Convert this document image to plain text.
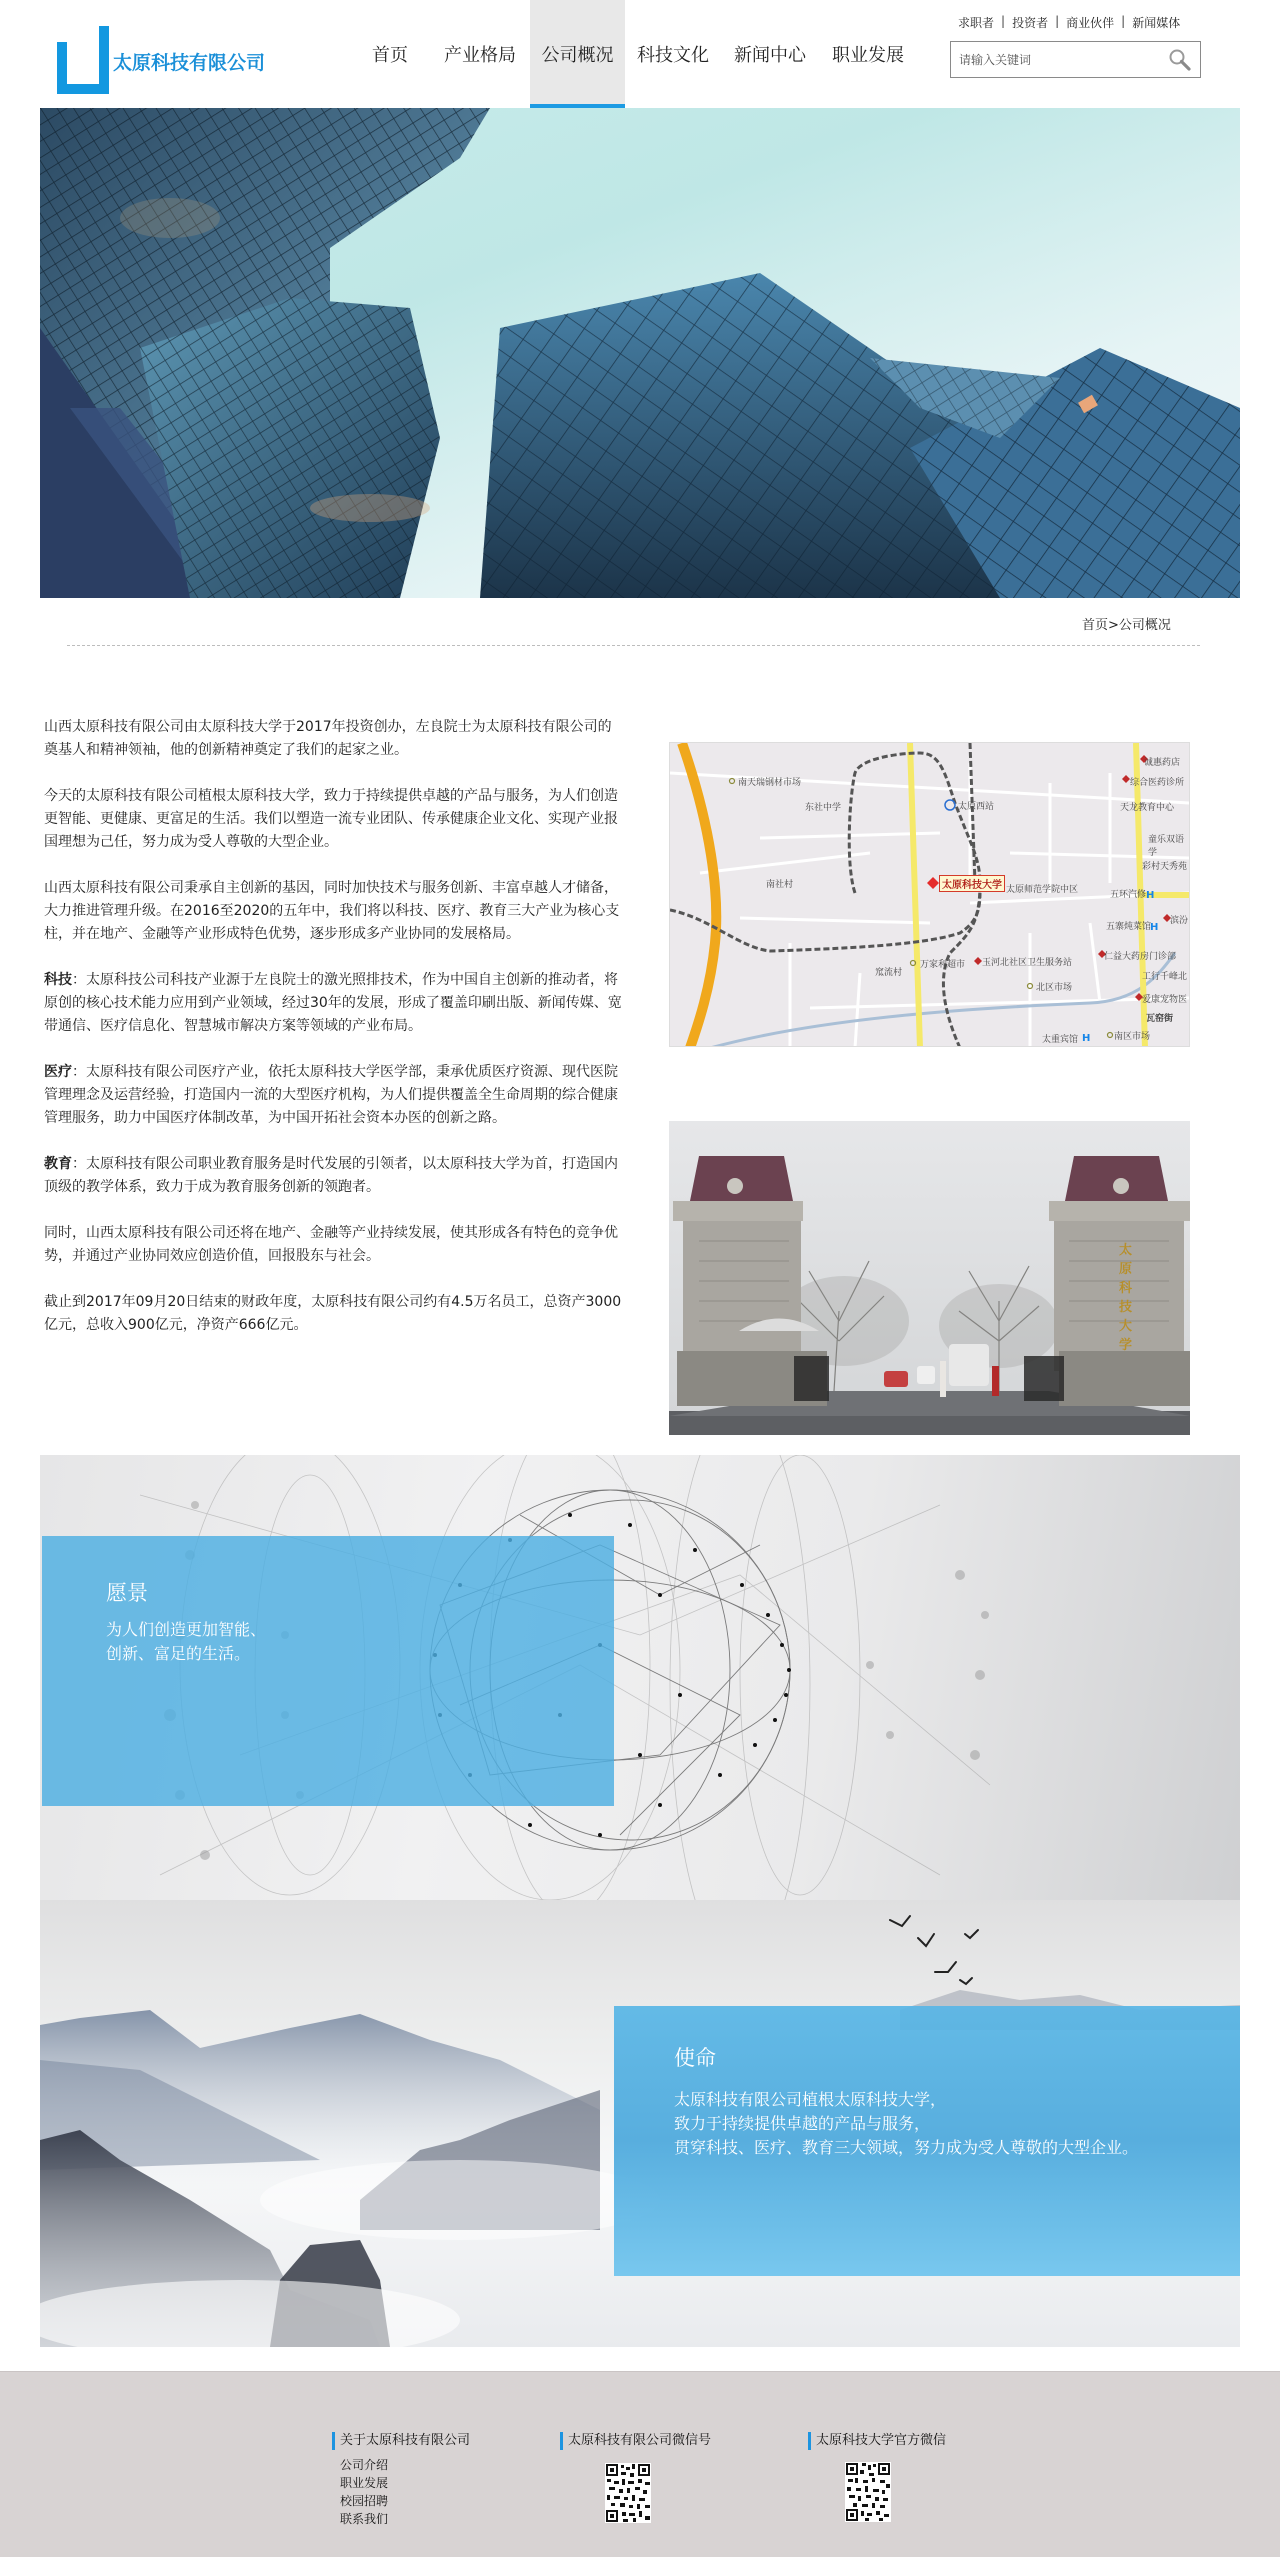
太原科技有限公司	首页	产业格局	公司概况	科技文化	新闻中心	职业发展
求职者 | 投资者 | 商业伙伴 | 新闻媒体
请输入关键词
首页>公司概况

山西太原科技有限公司由太原科技大学于2017年投资创办，左良院士为太原科技有限公司的奠基人和精神领袖，他的创新精神奠定了我们的起家之业。

今天的太原科技有限公司植根太原科技大学，致力于持续提供卓越的产品与服务，为人们创造更智能、更健康、更富足的生活。我们以塑造一流专业团队、传承健康企业文化、实现产业报国理想为己任，努力成为受人尊敬的大型企业。

山西太原科技有限公司秉承自主创新的基因，同时加快技术与服务创新、丰富卓越人才储备，大力推进管理升级。在2016至2020的五年中，我们将以科技、医疗、教育三大产业为核心支柱，并在地产、金融等产业形成特色优势，逐步形成多产业协同的发展格局。

科技：太原科技公司科技产业源于左良院士的激光照排技术，作为中国自主创新的推动者，将原创的核心技术能力应用到产业领域，经过30年的发展，形成了覆盖印刷出版、新闻传媒、宽带通信、医疗信息化、智慧城市解决方案等领域的产业布局。

医疗：太原科技有限公司医疗产业，依托太原科技大学医学部，秉承优质医疗资源、现代医院管理理念及运营经验，打造国内一流的大型医疗机构，为人们提供覆盖全生命周期的综合健康管理服务，助力中国医疗体制改革，为中国开拓社会资本办医的创新之路。

教育：太原科技有限公司职业教育服务是时代发展的引领者，以太原科技大学为首，打造国内顶级的教学体系，致力于成为教育服务创新的领跑者。

同时，山西太原科技有限公司还将在地产、金融等产业持续发展，使其形成各有特色的竞争优势，并通过产业协同效应创造价值，回报股东与社会。

截止到2017年09月20日结束的财政年度，太原科技有限公司约有4.5万名员工，总资产3000亿元，总收入900亿元，净资产666亿元。

H
H
H
南天瑞钢材市场
东社中学	太原西站
诚惠药店
综合医药诊所
天龙教育中心
童乐双语学
彩村天秀苑
南社村	太原师范学院中区	五环汽修
五寨炖菜馆
滨汾
仁益大药房门诊部
万家利超市 玉河北社区卫生服务站
窊流村	工行千峰北
北区市场
爱康宠物医
瓦窑街
太重宾馆	南区市场
太原科技大学
太原科技大学
愿景
为人们创造更加智能、
创新、富足的生活。
使命
太原科技有限公司植根太原科技大学，
致力于持续提供卓越的产品与服务，
贯穿科技、医疗、教育三大领域，努力成为受人尊敬的大型企业。
关于太原科技有限公司
公司介绍
职业发展
校园招聘
联系我们
太原科技有限公司微信号	太原科技大学官方微信
